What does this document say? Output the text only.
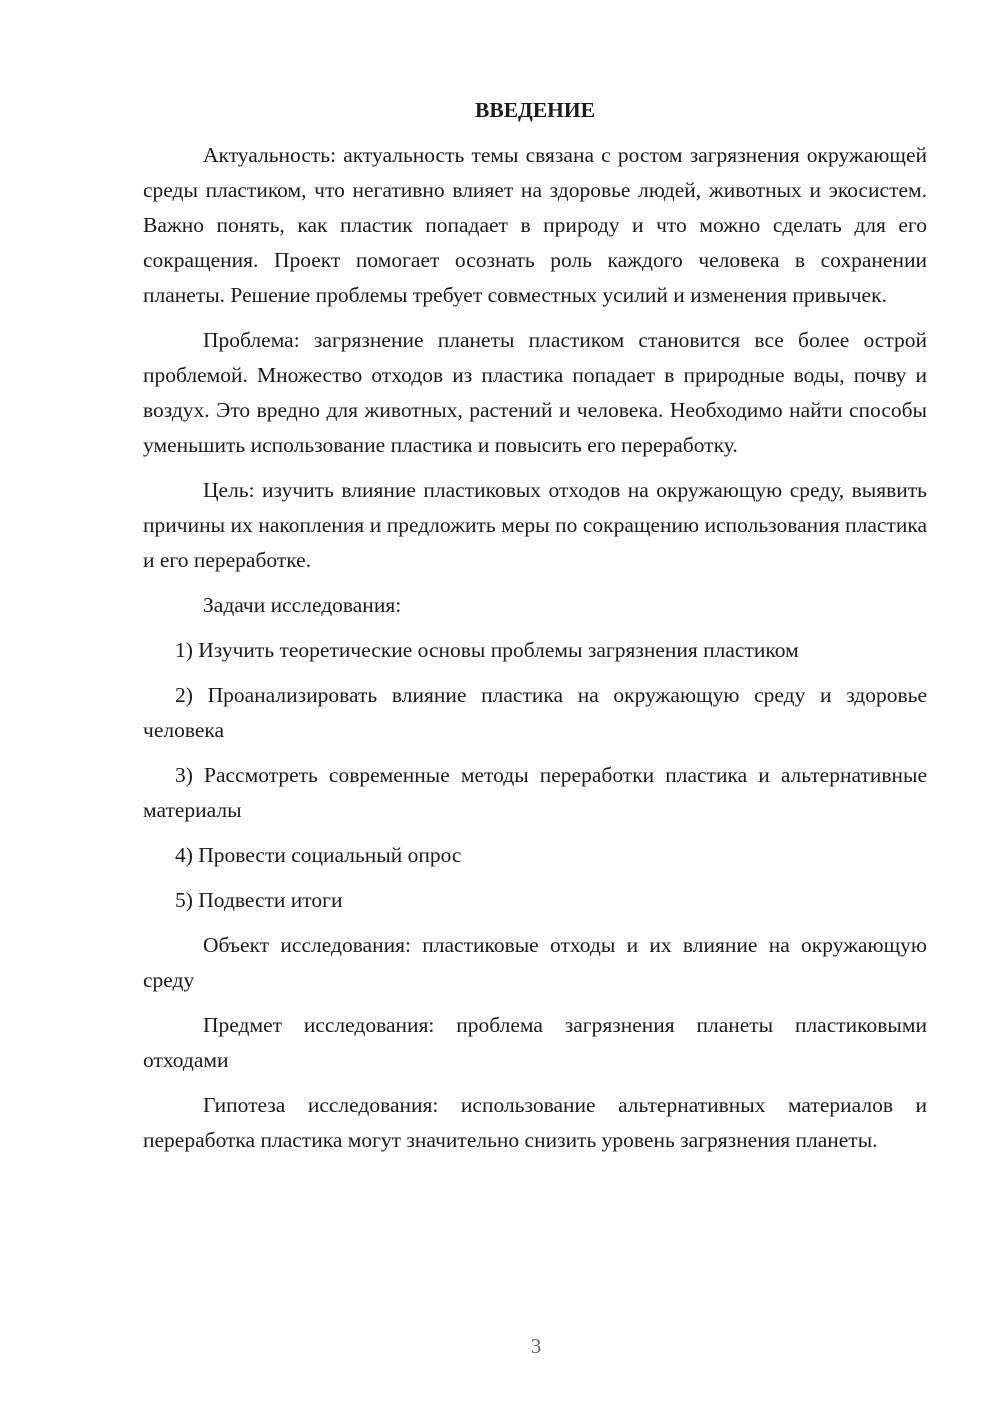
ВВЕДЕНИЕ

Актуальность: актуальность темы связана с ростом загрязнения окружающей среды пластиком, что негативно влияет на здоровье людей, животных и экосистем. Важно понять, как пластик попадает в природу и что можно сделать для его сокращения. Проект помогает осознать роль каждого человека в сохранении планеты. Решение проблемы требует совместных усилий и изменения привычек.

Проблема: загрязнение планеты пластиком становится все более острой проблемой. Множество отходов из пластика попадает в природные воды, почву и воздух. Это вредно для животных, растений и человека. Необходимо найти способы уменьшить использование пластика и повысить его переработку.

Цель: изучить влияние пластиковых отходов на окружающую среду, выявить причины их накопления и предложить меры по сокращению использования пластика и его переработке.

Задачи исследования:

1) Изучить теоретические основы проблемы загрязнения пластиком

2) Проанализировать влияние пластика на окружающую среду и здоровье человека

3) Рассмотреть современные методы переработки пластика и альтернативные материалы

4) Провести социальный опрос

5) Подвести итоги

Объект исследования: пластиковые отходы и их влияние на окружающую среду

Предмет исследования: проблема загрязнения планеты пластиковыми отходами

Гипотеза исследования: использование альтернативных материалов и переработка пластика могут значительно снизить уровень загрязнения планеты.

3
